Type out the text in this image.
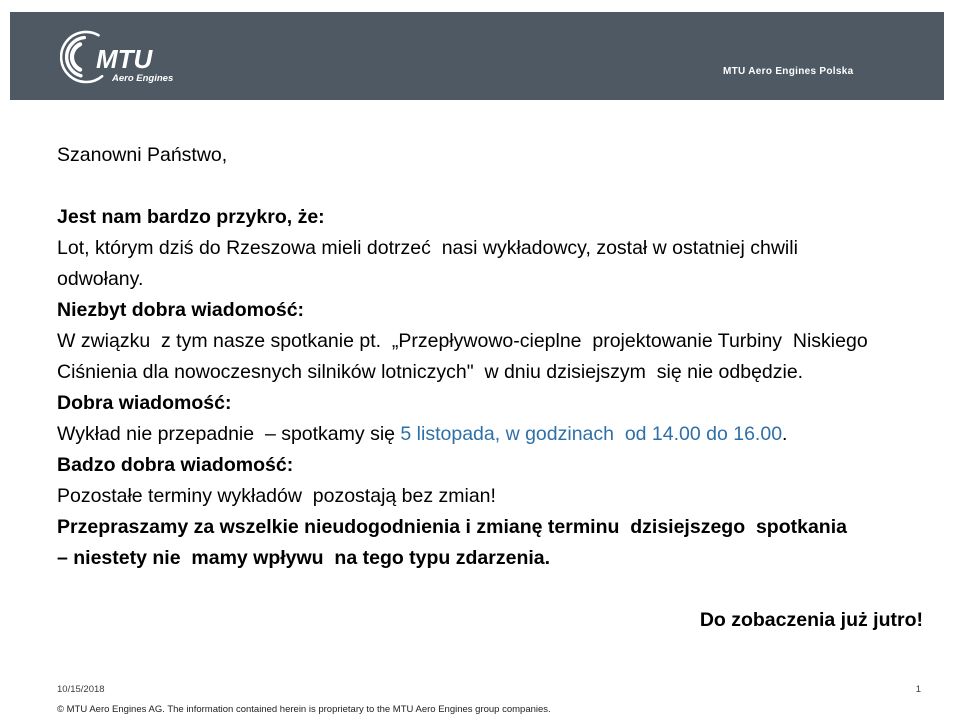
MTU
Aero Engines

MTU Aero Engines Polska

An MTU Aero Engines Company

Szanowni Państwo,
Jest nam bardzo przykro, że:
Lot, którym dziś do Rzeszowa mieli dotrzeć  nasi wykładowcy, został w ostatniej chwili
odwołany.
Niezbyt dobra wiadomość:
W związku  z tym nasze spotkanie pt.  „Przepływowo-cieplne  projektowanie Turbiny  Niskiego
Ciśnienia dla nowoczesnych silników lotniczych"  w dniu dzisiejszym  się nie odbędzie.
Dobra wiadomość:
Wykład nie przepadnie  – spotkamy się 5 listopada, w godzinach  od 14.00 do 16.00.
Badzo dobra wiadomość:
Pozostałe terminy wykładów  pozostają bez zmian!
Przepraszamy za wszelkie nieudogodnienia i zmianę terminu  dzisiejszego  spotkania
– niestety nie  mamy wpływu  na tego typu zdarzenia.
Do zobaczenia już jutro!
10/15/2018	1
© MTU Aero Engines AG. The information contained herein is proprietary to the MTU Aero Engines group companies.
